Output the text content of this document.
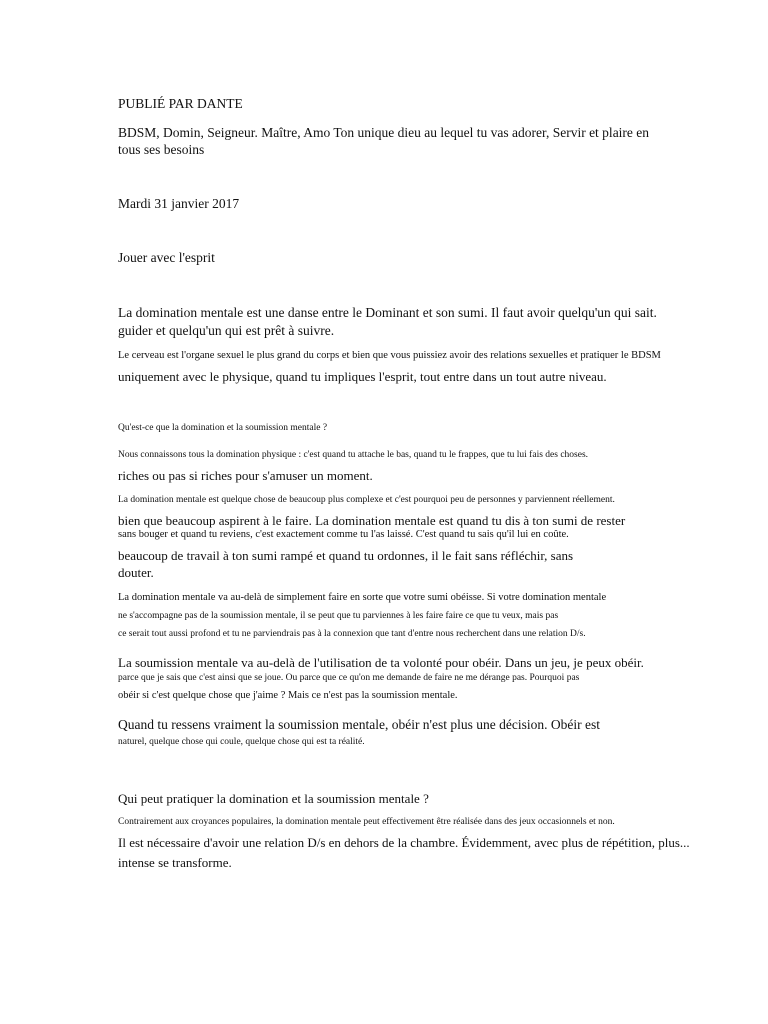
PUBLIÉ PAR DANTE
BDSM, Domin, Seigneur. Maître, Amo Ton unique dieu au lequel tu vas adorer, Servir et plaire en
tous ses besoins
Mardi 31 janvier 2017
Jouer avec l'esprit
La domination mentale est une danse entre le Dominant et son sumi. Il faut avoir quelqu'un qui sait.
guider et quelqu'un qui est prêt à suivre.
Le cerveau est l'organe sexuel le plus grand du corps et bien que vous puissiez avoir des relations sexuelles et pratiquer le BDSM
uniquement avec le physique, quand tu impliques l'esprit, tout entre dans un tout autre niveau.
Qu'est-ce que la domination et la soumission mentale ?
Nous connaissons tous la domination physique : c'est quand tu attache le bas, quand tu le frappes, que tu lui fais des choses.
riches ou pas si riches pour s'amuser un moment.
La domination mentale est quelque chose de beaucoup plus complexe et c'est pourquoi peu de personnes y parviennent réellement.
bien que beaucoup aspirent à le faire. La domination mentale est quand tu dis à ton sumi de rester
sans bouger et quand tu reviens, c'est exactement comme tu l'as laissé. C'est quand tu sais qu'il lui en coûte.
beaucoup de travail à ton sumi rampé et quand tu ordonnes, il le fait sans réfléchir, sans
douter.
La domination mentale va au-delà de simplement faire en sorte que votre sumi obéisse. Si votre domination mentale
ne s'accompagne pas de la soumission mentale, il se peut que tu parviennes à les faire faire ce que tu veux, mais pas
ce serait tout aussi profond et tu ne parviendrais pas à la connexion que tant d'entre nous recherchent dans une relation D/s.
La soumission mentale va au-delà de l'utilisation de ta volonté pour obéir. Dans un jeu, je peux obéir.
parce que je sais que c'est ainsi que se joue. Ou parce que ce qu'on me demande de faire ne me dérange pas. Pourquoi pas
obéir si c'est quelque chose que j'aime ? Mais ce n'est pas la soumission mentale.
Quand tu ressens vraiment la soumission mentale, obéir n'est plus une décision. Obéir est
naturel, quelque chose qui coule, quelque chose qui est ta réalité.
Qui peut pratiquer la domination et la soumission mentale ?
Contrairement aux croyances populaires, la domination mentale peut effectivement être réalisée dans des jeux occasionnels et non.
Il est nécessaire d'avoir une relation D/s en dehors de la chambre. Évidemment, avec plus de répétition, plus...
intense se transforme.
